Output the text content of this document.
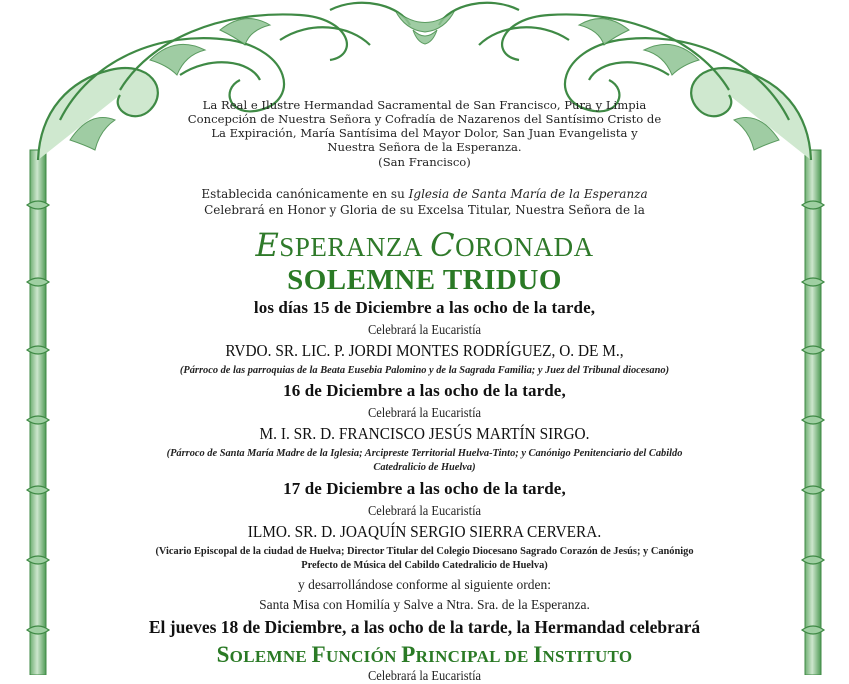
La Real e Ilustre Hermandad Sacramental de San Francisco, Pura y Limpia
Concepción de Nuestra Señora y Cofradía de Nazarenos del Santísimo Cristo de
La Expiración, María Santísima del Mayor Dolor, San Juan Evangelista y
Nuestra Señora de la Esperanza.
(San Francisco)
Establecida canónicamente en su Iglesia de Santa María de la Esperanza
Celebrará en Honor y Gloria de su Excelsa Titular, Nuestra Señora de la
ESPERANZA CORONADA
SOLEMNE TRIDUO
los días 15 de Diciembre a las ocho de la tarde,
Celebrará la Eucaristía
RVDO. SR. LIC. P. JORDI MONTES RODRÍGUEZ, O. DE M.,
(Párroco de las parroquias de la Beata Eusebia Palomino y de la Sagrada Familia; y Juez del Tribunal diocesano)
16 de Diciembre a las ocho de la tarde,
Celebrará la Eucaristía
M. I. SR. D. FRANCISCO JESÚS MARTÍN SIRGO.
(Párroco de Santa María Madre de la Iglesia; Arcipreste Territorial Huelva-Tinto; y Canónigo Penitenciario del Cabildo
Catedralicio de Huelva)
17 de Diciembre a las ocho de la tarde,
Celebrará la Eucaristía
ILMO. SR. D. JOAQUÍN SERGIO SIERRA CERVERA.
(Vicario Episcopal de la ciudad de Huelva; Director Titular del Colegio Diocesano Sagrado Corazón de Jesús; y Canónigo
Prefecto de Música del Cabildo Catedralicio de Huelva)
y desarrollándose conforme al siguiente orden:
Santa Misa con Homilía y Salve a Ntra. Sra. de la Esperanza.
El jueves 18 de Diciembre, a las ocho de la tarde, la Hermandad celebrará
SOLEMNE FUNCIÓN PRINCIPAL DE INSTITUTO
Celebrará la Eucaristía
